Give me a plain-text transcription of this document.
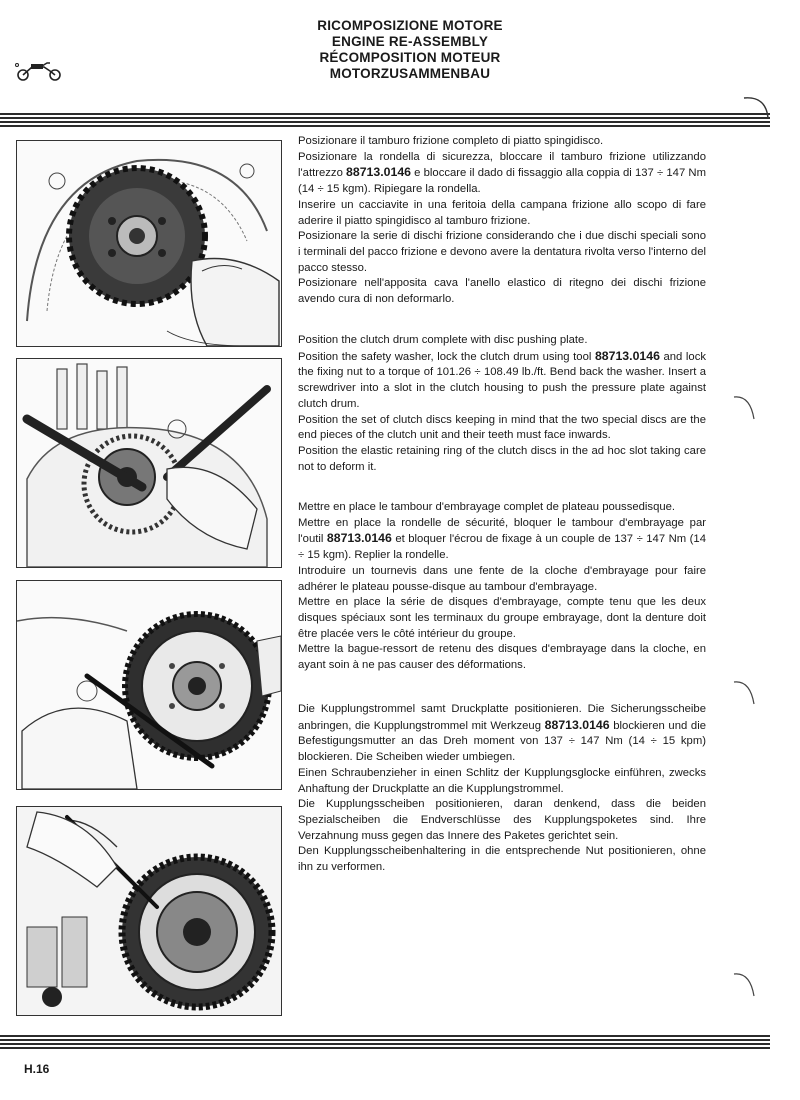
RICOMPOSIZIONE MOTORE
ENGINE RE-ASSEMBLY
RÉCOMPOSITION MOTEUR
MOTORZUSAMMENBAU

Posizionare il tamburo frizione completo di piatto spingidisco.

Posizionare la rondella di sicurezza, bloccare il tamburo frizione utilizzando l'attrezzo 88713.0146 e bloccare il dado di fissaggio alla coppia di 137 ÷ 147 Nm (14 ÷ 15 kgm). Ripiegare la rondella.

Inserire un cacciavite in una feritoia della campana frizione allo scopo di fare aderire il piatto spingidisco al tamburo frizione.

Posizionare la serie di dischi frizione considerando che i due dischi speciali sono i terminali del pacco frizione e devono avere la dentatura rivolta verso l'interno del pacco stesso.

Posizionare nell'apposita cava l'anello elastico di ritegno dei dischi frizione avendo cura di non deformarlo.

Position the clutch drum complete with disc pushing plate.

Position the safety washer, lock the clutch drum using tool 88713.0146 and lock the fixing nut to a torque of 101.26 ÷ 108.49 lb./ft. Bend back the washer. Insert a screwdriver into a slot in the clutch housing to push the pressure plate against clutch drum.

Position the set of clutch discs keeping in mind that the two special discs are the end pieces of the clutch unit and their teeth must face inwards.

Position the elastic retaining ring of the clutch discs in the ad hoc slot taking care not to deform it.

Mettre en place le tambour d'embrayage complet de plateau poussedisque.

Mettre en place la rondelle de sécurité, bloquer le tambour d'embrayage par l'outil 88713.0146 et bloquer l'écrou de fixage à un couple de 137 ÷ 147 Nm (14 ÷ 15 kgm). Replier la rondelle.

Introduire un tournevis dans une fente de la cloche d'embrayage pour faire adhérer le plateau pousse-disque au tambour d'embrayage.

Mettre en place la série de disques d'embrayage, compte tenu que les deux disques spéciaux sont les terminaux du groupe embrayage, dont la denture doit être placée vers le côté intérieur du groupe.

Mettre la bague-ressort de retenu des disques d'embrayage dans la cloche, en ayant soin à ne pas causer des déformations.

Die Kupplungstrommel samt Druckplatte positionieren. Die Sicherungsscheibe anbringen, die Kupplungstrommel mit Werkzeug 88713.0146 blockieren und die Befestigungsmutter an das Dreh moment von 137 ÷ 147 Nm (14 ÷ 15 kpm) blockieren. Die Scheiben wieder umbiegen.

Einen Schraubenzieher in einen Schlitz der Kupplungsglocke einführen, zwecks Anhaftung der Druckplatte an die Kupplungstrommel.

Die Kupplungsscheiben positionieren, daran denkend, dass die beiden Spezialscheiben die Endverschlüsse des Kupplungspoketes sind. Ihre Verzahnung muss gegen das Innere des Paketes gerichtet sein.

Den Kupplungsscheibenhaltering in die entsprechende Nut positionieren, ohne ihn zu verformen.

H.16
